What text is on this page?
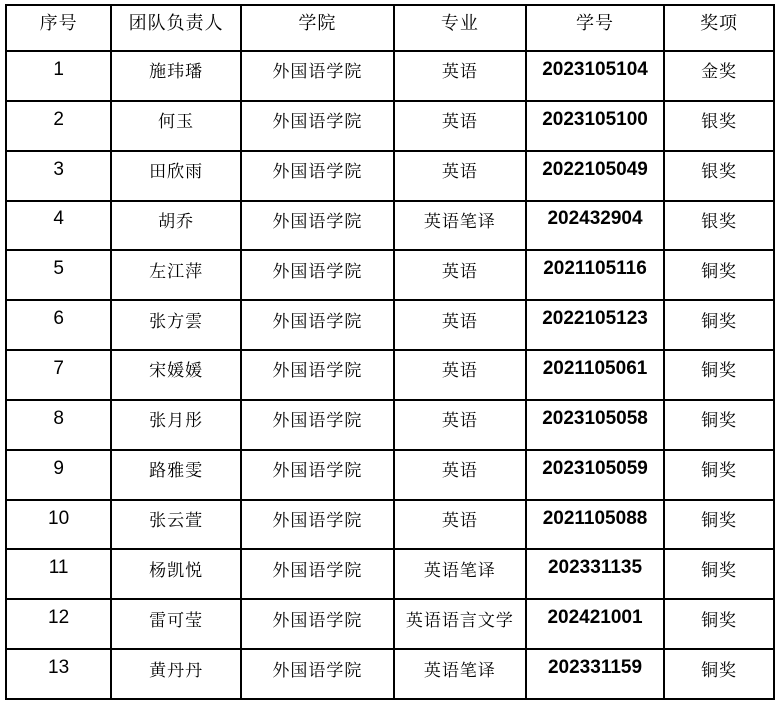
序号	团队负责人	学院	专业	学号	奖项
1	施玮璠	外国语学院	英语	2023105104	金奖
2	何玉	外国语学院	英语	2023105100	银奖
3	田欣雨	外国语学院	英语	2022105049	银奖
4	胡乔	外国语学院	英语笔译	202432904	银奖
5	左江萍	外国语学院	英语	2021105116	铜奖
6	张方雲	外国语学院	英语	2022105123	铜奖
7	宋媛媛	外国语学院	英语	2021105061	铜奖
8	张月彤	外国语学院	英语	2023105058	铜奖
9	路雅雯	外国语学院	英语	2023105059	铜奖
10	张云萱	外国语学院	英语	2021105088	铜奖
11	杨凯悦	外国语学院	英语笔译	202331135	铜奖
12	雷可莹	外国语学院	英语语言文学	202421001	铜奖
13	黄丹丹	外国语学院	英语笔译	202331159	铜奖
